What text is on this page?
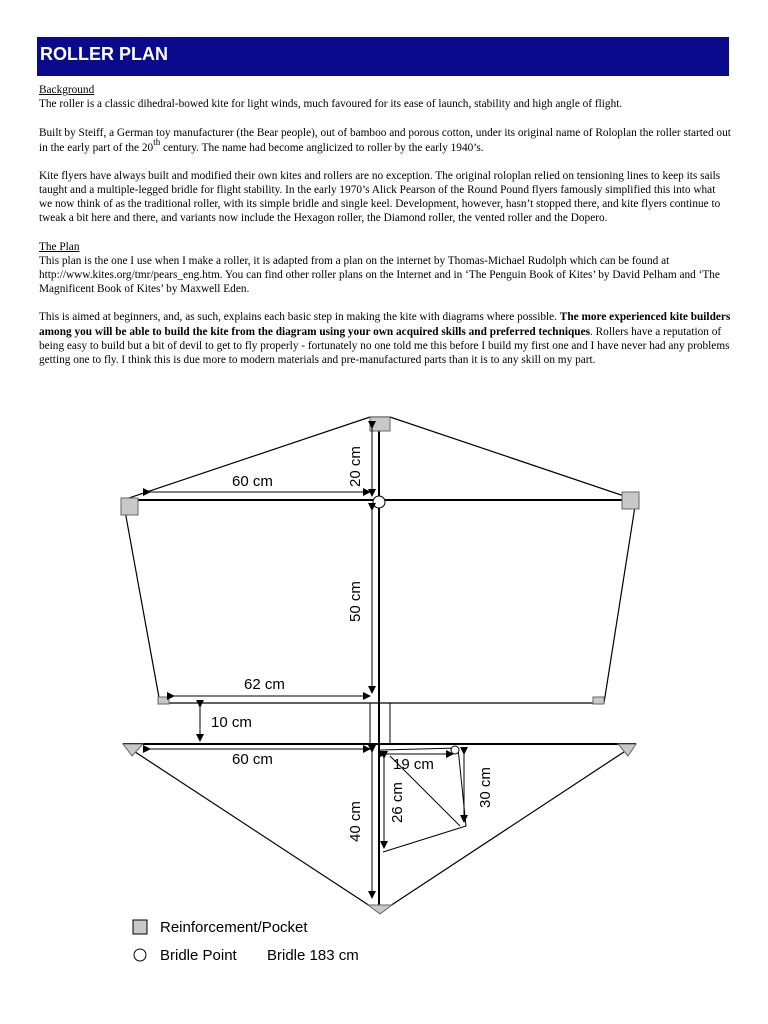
ROLLER PLAN

Background
The roller is a classic dihedral-bowed kite for light winds, much favoured for its ease of launch, stability and high angle of flight.

Built by Steiff, a German toy manufacturer (the Bear people), out of bamboo and porous cotton, under its original name of Roloplan the roller started out in the early part of the 20th century. The name had become anglicized to roller by the early 1940’s.

Kite flyers have always built and modified their own kites and rollers are no exception. The original roloplan relied on tensioning lines to keep its sails taught and a multiple-legged bridle for flight stability. In the early 1970’s Alick Pearson of the Round Pound flyers famously simplified this into what we now think of as the traditional roller, with its simple bridle and single keel. Development, however, hasn’t stopped there, and kite flyers continue to tweak a bit here and there, and variants now include the Hexagon roller, the Diamond roller, the vented roller and the Dopero.

The Plan
This plan is the one I use when I make a roller, it is adapted from a plan on the internet by Thomas-Michael Rudolph which can be found at http://www.kites.org/tmr/pears_eng.htm. You can find other roller plans on the Internet and in ‘The Penguin Book of Kites’ by David Pelham and ‘The Magnificent Book of Kites’ by Maxwell Eden.

This is aimed at beginners, and, as such, explains each basic step in making the kite with diagrams where possible. The more experienced kite builders among you will be able to build the kite from the diagram using your own acquired skills and preferred techniques. Rollers have a reputation of being easy to build but a bit of devil to get to fly properly - fortunately no one told me this before I build my first one and I have never had any problems getting one to fly. I think this is due more to modern materials and pre-manufactured parts than it is to any skill on my part.

60 cm	20 cm
50 cm
62 cm
10 cm
60 cm
40 cm
19 cm
26 cm	30 cm
Reinforcement/Pocket
Bridle Point Bridle 183 cm
